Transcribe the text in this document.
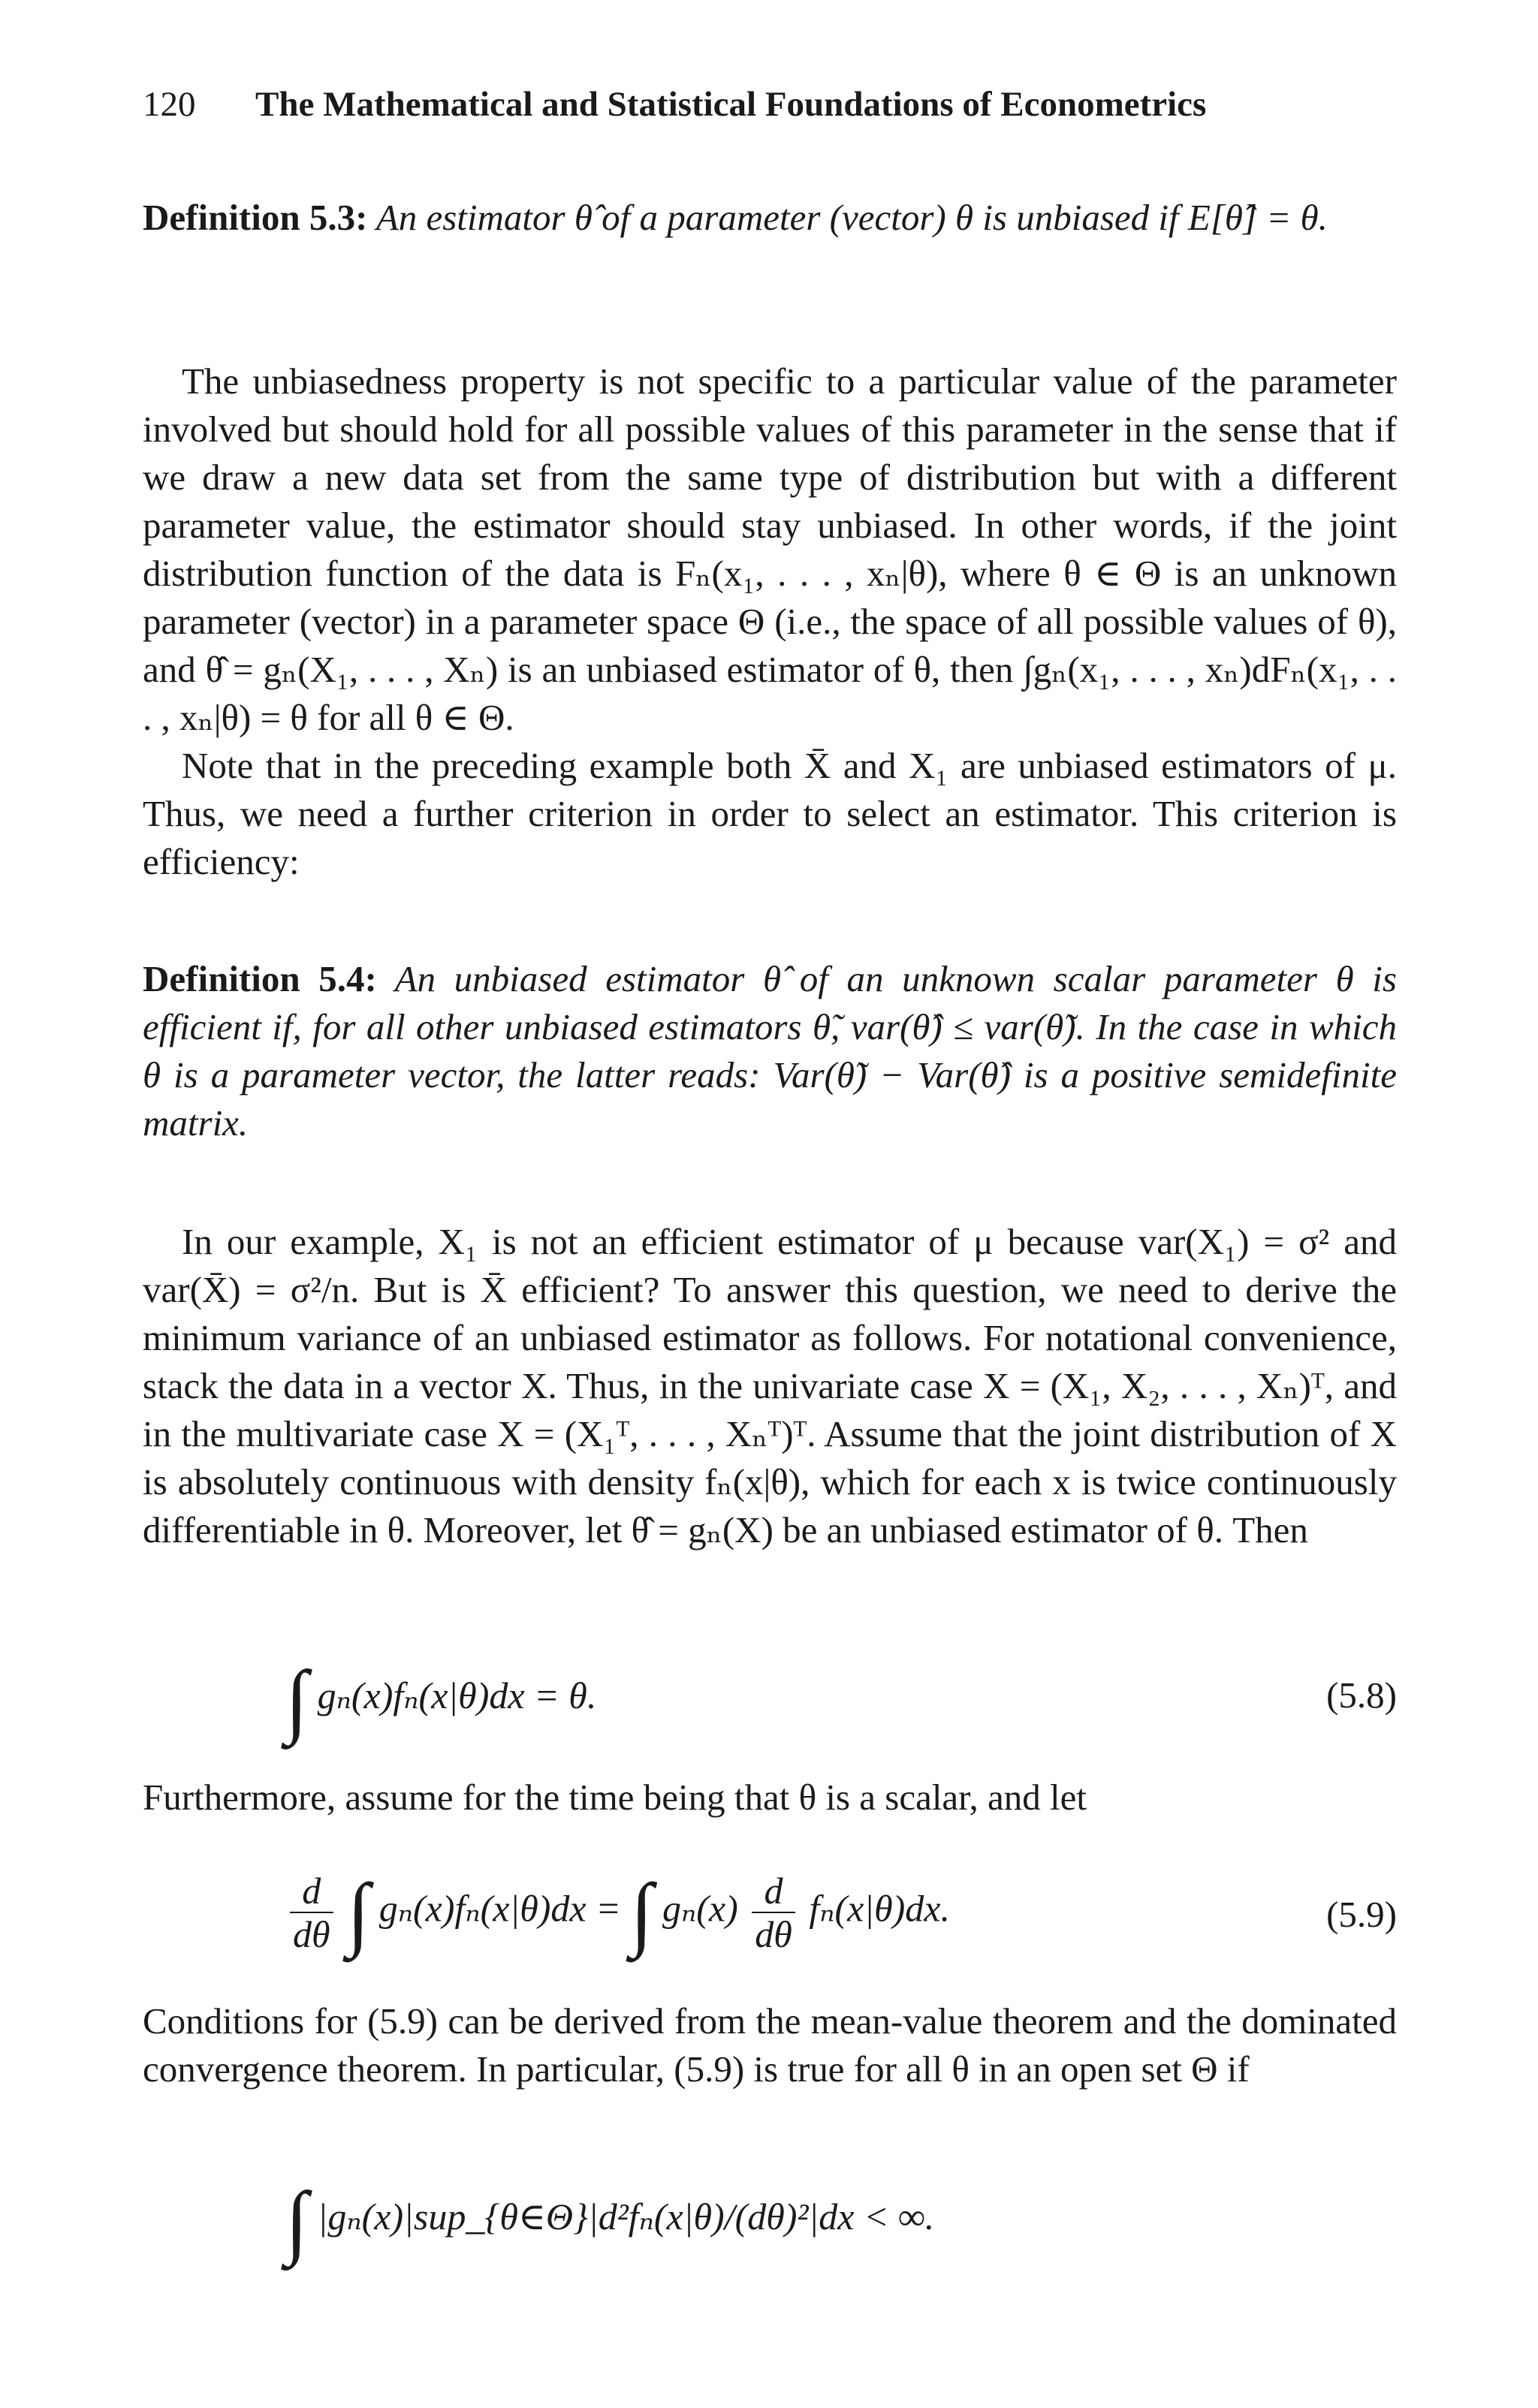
120 The Mathematical and Statistical Foundations of Econometrics

Definition 5.3: An estimator θ̂ of a parameter (vector) θ is unbiased if E[θ̂] = θ.

The unbiasedness property is not specific to a particular value of the parameter involved but should hold for all possible values of this parameter in the sense that if we draw a new data set from the same type of distribution but with a different parameter value, the estimator should stay unbiased. In other words, if the joint distribution function of the data is Fₙ(x₁, . . . , xₙ|θ), where θ ∈ Θ is an unknown parameter (vector) in a parameter space Θ (i.e., the space of all possible values of θ), and θ̂ = gₙ(X₁, . . . , Xₙ) is an unbiased estimator of θ, then ∫gₙ(x₁, . . . , xₙ)dFₙ(x₁, . . . , xₙ|θ) = θ for all θ ∈ Θ.

Note that in the preceding example both X̄ and X₁ are unbiased estimators of μ. Thus, we need a further criterion in order to select an estimator. This criterion is efficiency:

Definition 5.4: An unbiased estimator θ̂ of an unknown scalar parameter θ is efficient if, for all other unbiased estimators θ̃, var(θ̂) ≤ var(θ̃). In the case in which θ is a parameter vector, the latter reads: Var(θ̃) − Var(θ̂) is a positive semidefinite matrix.

In our example, X₁ is not an efficient estimator of μ because var(X₁) = σ² and var(X̄) = σ²/n. But is X̄ efficient? To answer this question, we need to derive the minimum variance of an unbiased estimator as follows. For notational convenience, stack the data in a vector X. Thus, in the univariate case X = (X₁, X₂, . . . , Xₙ)ᵀ, and in the multivariate case X = (X₁ᵀ, . . . , Xₙᵀ)ᵀ. Assume that the joint distribution of X is absolutely continuous with density fₙ(x|θ), which for each x is twice continuously differentiable in θ. Moreover, let θ̂ = gₙ(X) be an unbiased estimator of θ. Then

∫ gₙ(x)fₙ(x|θ)dx = θ.	(5.8)

Furthermore, assume for the time being that θ is a scalar, and let

$\frac{d}{d\theta}$ ∫ gₙ(x)fₙ(x|θ)dx = ∫ $g_n(x) \frac{d}{d\theta} f_n(x|\theta)dx$.	(5.9)

Conditions for (5.9) can be derived from the mean-value theorem and the dominated convergence theorem. In particular, (5.9) is true for all θ in an open set Θ if

∫ |gₙ(x)|sup_{θ∈Θ}|d²fₙ(x|θ)/(dθ)²|dx < ∞.
